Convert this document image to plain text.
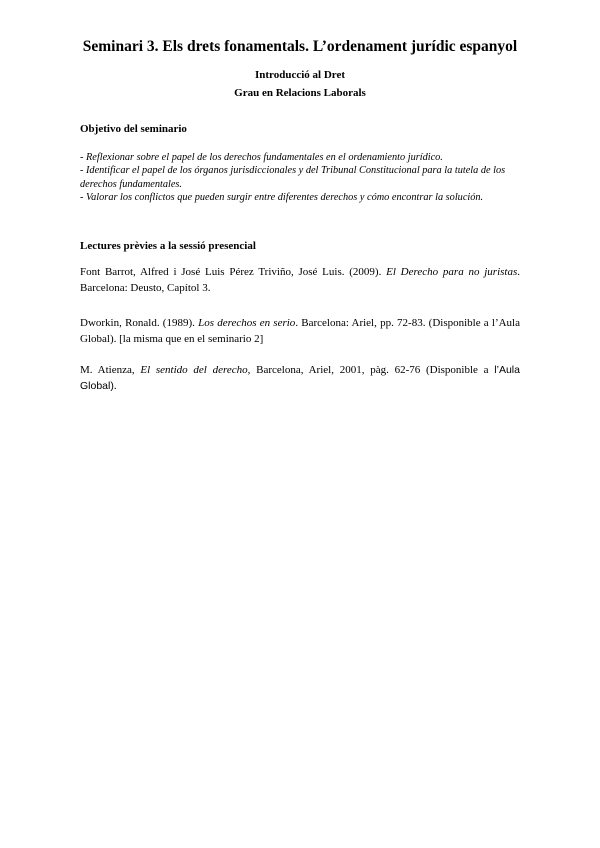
Seminari 3. Els drets fonamentals. L’ordenament jurídic espanyol
Introducció al Dret
Grau en Relacions Laborals
Objetivo del seminario
- Reflexionar sobre el papel de los derechos fundamentales en el ordenamiento jurídico.
- Identificar el papel de los órganos jurisdiccionales y del Tribunal Constitucional para la tutela de los derechos fundamentales.
- Valorar los conflictos que pueden surgir entre diferentes derechos y cómo encontrar la solución.
Lectures prèvies a la sessió presencial
Font Barrot, Alfred i José Luis Pérez Triviño, José Luis. (2009). El Derecho para no juristas. Barcelona: Deusto, Capítol 3.
Dworkin, Ronald. (1989). Los derechos en serio. Barcelona: Ariel, pp. 72-83. (Disponible a l’Aula Global). [la misma que en el seminario 2]
M. Atienza, El sentido del derecho, Barcelona, Ariel, 2001, pàg. 62-76 (Disponible a l’Aula Global).
